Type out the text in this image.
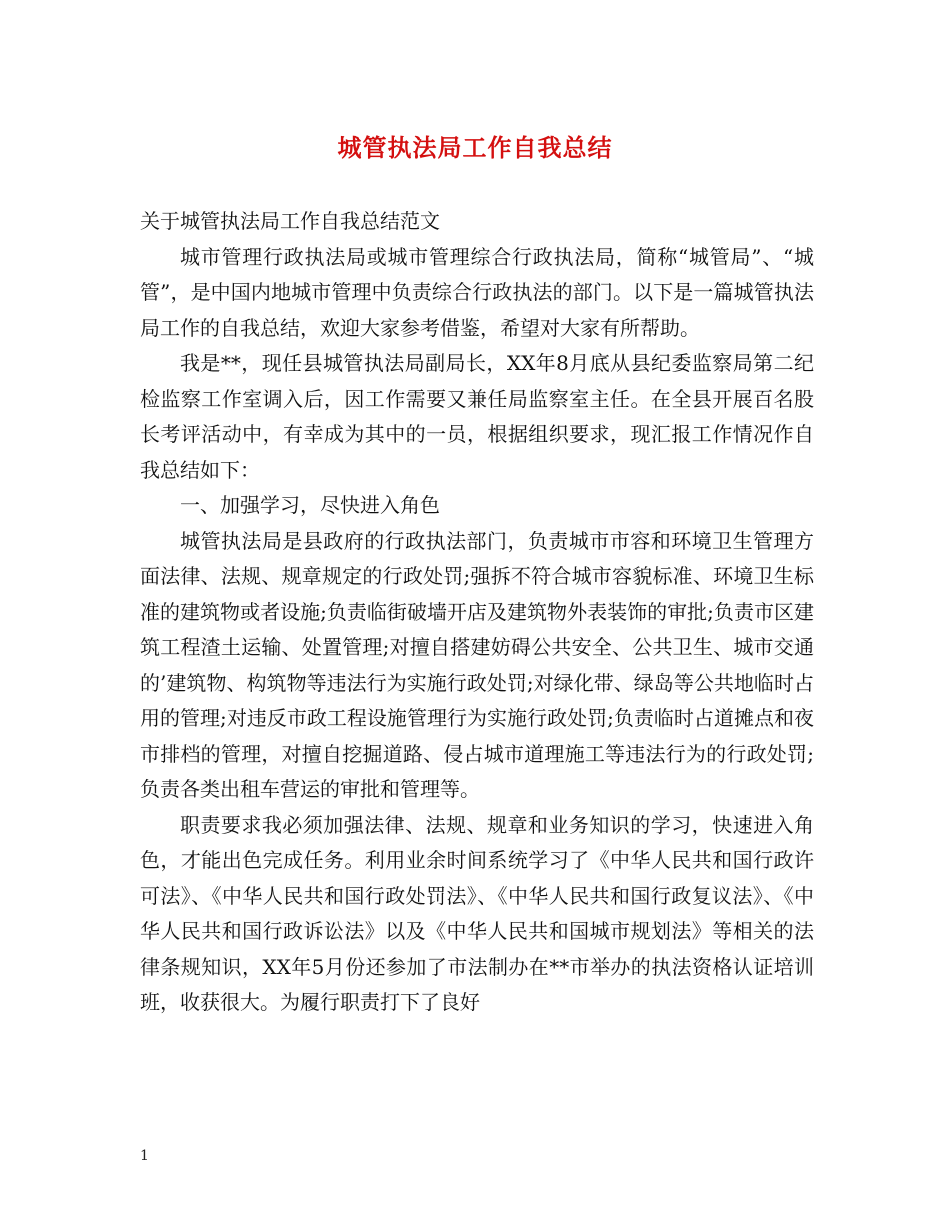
城管执法局工作自我总结

关于城管执法局工作自我总结范文

城市管理行政执法局或城市管理综合行政执法局，简称“城管局”、“城管”，是中国内地城市管理中负责综合行政执法的部门。以下是一篇城管执法局工作的自我总结，欢迎大家参考借鉴，希望对大家有所帮助。

我是**，现任县城管执法局副局长，XX年8月底从县纪委监察局第二纪检监察工作室调入后，因工作需要又兼任局监察室主任。在全县开展百名股长考评活动中，有幸成为其中的一员，根据组织要求，现汇报工作情况作自我总结如下：

一、加强学习，尽快进入角色

城管执法局是县政府的行政执法部门，负责城市市容和环境卫生管理方面法律、法规、规章规定的行政处罚;强拆不符合城市容貌标准、环境卫生标准的建筑物或者设施;负责临街破墙开店及建筑物外表装饰的审批;负责市区建筑工程渣土运输、处置管理;对擅自搭建妨碍公共安全、公共卫生、城市交通的’建筑物、构筑物等违法行为实施行政处罚;对绿化带、绿岛等公共地临时占用的管理;对违反市政工程设施管理行为实施行政处罚;负责临时占道摊点和夜市排档的管理，对擅自挖掘道路、侵占城市道理施工等违法行为的行政处罚;负责各类出租车营运的审批和管理等。

职责要求我必须加强法律、法规、规章和业务知识的学习，快速进入角色，才能出色完成任务。利用业余时间系统学习了《中华人民共和国行政许可法》、《中华人民共和国行政处罚法》、《中华人民共和国行政复议法》、《中华人民共和国行政诉讼法》以及《中华人民共和国城市规划法》等相关的法律条规知识，XX年5月份还参加了市法制办在**市举办的执法资格认证培训班，收获很大。为履行职责打下了良好

1
